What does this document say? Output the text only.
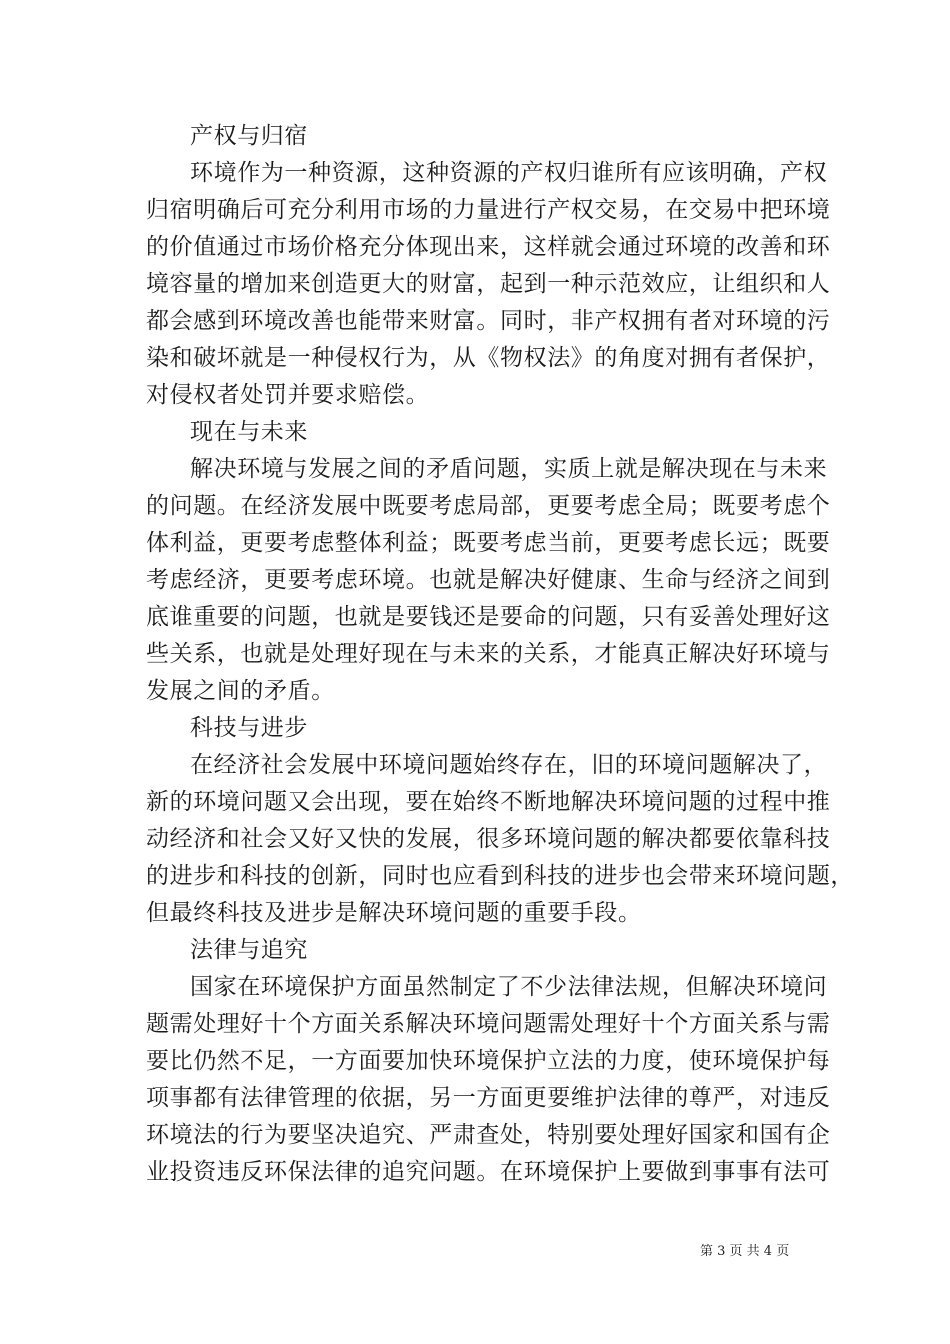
产权与归宿
环境作为一种资源，这种资源的产权归谁所有应该明确，产权
归宿明确后可充分利用市场的力量进行产权交易，在交易中把环境
的价值通过市场价格充分体现出来，这样就会通过环境的改善和环
境容量的增加来创造更大的财富，起到一种示范效应，让组织和人
都会感到环境改善也能带来财富。同时，非产权拥有者对环境的污
染和破坏就是一种侵权行为，从《物权法》的角度对拥有者保护，
对侵权者处罚并要求赔偿。
现在与未来
解决环境与发展之间的矛盾问题，实质上就是解决现在与未来
的问题。在经济发展中既要考虑局部，更要考虑全局；既要考虑个
体利益，更要考虑整体利益；既要考虑当前，更要考虑长远；既要
考虑经济，更要考虑环境。也就是解决好健康、生命与经济之间到
底谁重要的问题，也就是要钱还是要命的问题，只有妥善处理好这
些关系，也就是处理好现在与未来的关系，才能真正解决好环境与
发展之间的矛盾。
科技与进步
在经济社会发展中环境问题始终存在，旧的环境问题解决了，
新的环境问题又会出现，要在始终不断地解决环境问题的过程中推
动经济和社会又好又快的发展，很多环境问题的解决都要依靠科技
的进步和科技的创新，同时也应看到科技的进步也会带来环境问题，
但最终科技及进步是解决环境问题的重要手段。
法律与追究
国家在环境保护方面虽然制定了不少法律法规，但解决环境问
题需处理好十个方面关系解决环境问题需处理好十个方面关系与需
要比仍然不足，一方面要加快环境保护立法的力度，使环境保护每
项事都有法律管理的依据，另一方面更要维护法律的尊严，对违反
环境法的行为要坚决追究、严肃查处，特别要处理好国家和国有企
业投资违反环保法律的追究问题。在环境保护上要做到事事有法可
第 3 页 共 4 页
